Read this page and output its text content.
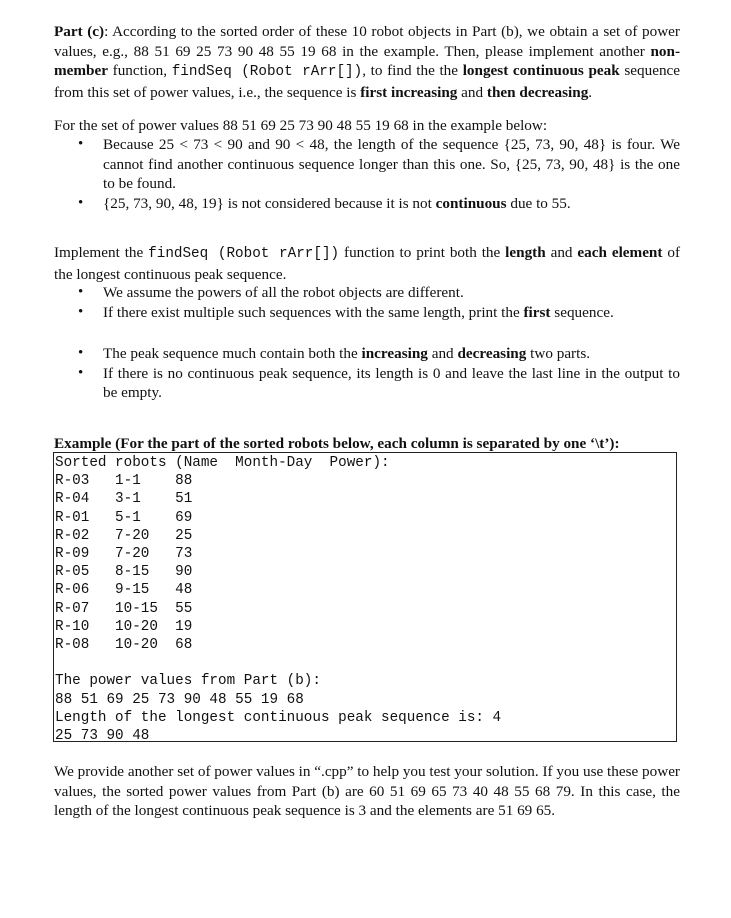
Part (c): According to the sorted order of these 10 robot objects in Part (b), we obtain a set of power values, e.g., 88 51 69 25 73 90 48 55 19 68 in the example. Then, please implement another non-member function, findSeq (Robot rArr[]), to find the the longest continuous peak sequence from this set of power values, i.e., the sequence is first increasing and then decreasing.

For the set of power values 88 51 69 25 73 90 48 55 19 68 in the example below:

• Because 25 < 73 < 90 and 90 < 48, the length of the sequence {25, 73, 90, 48} is four. We cannot find another continuous sequence longer than this one. So, {25, 73, 90, 48} is the one to be found.
• {25, 73, 90, 48, 19} is not considered because it is not continuous due to 55.

Implement the findSeq (Robot rArr[]) function to print both the length and each element of the longest continuous peak sequence.

• We assume the powers of all the robot objects are different.
• If there exist multiple such sequences with the same length, print the first sequence.
• The peak sequence much contain both the increasing and decreasing two parts.
• If there is no continuous peak sequence, its length is 0 and leave the last line in the output to be empty.

Example (For the part of the sorted robots below, each column is separated by one ‘\t’):

Sorted robots (Name  Month-Day  Power):
R-03   1-1    88
R-04   3-1    51
R-01   5-1    69
R-02   7-20   25
R-09   7-20   73
R-05   8-15   90
R-06   9-15   48
R-07   10-15  55
R-10   10-20  19
R-08   10-20  68

The power values from Part (b):
88 51 69 25 73 90 48 55 19 68
Length of the longest continuous peak sequence is: 4
25 73 90 48

We provide another set of power values in “.cpp” to help you test your solution. If you use these power values, the sorted power values from Part (b) are 60 51 69 65 73 40 48 55 68 79. In this case, the length of the longest continuous peak sequence is 3 and the elements are 51 69 65.
